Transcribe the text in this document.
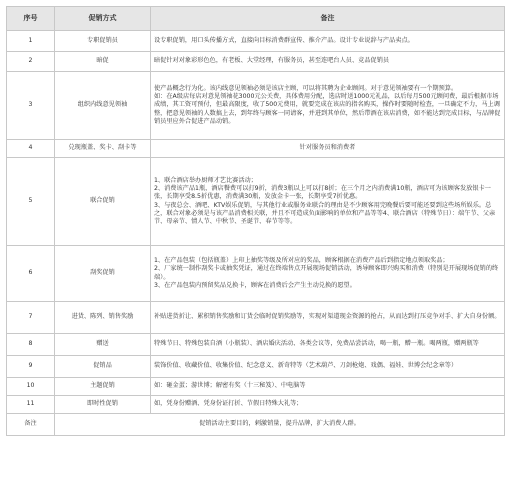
序号	促销方式	备注
1	专职促销员	设专职促销，用口头传播方式，直接向目标消费群宣传、推介产品。设计专业说辞与产品卖点。

2	暗促	暗促针对对象彩形色色，有老板、大堂经理，有服务员，甚至连吧台人员、竞品促销员

3	组织内线意见领袖	使产品概念行为化。该内线意见领袖必须是该店主顾，可以将其聘为企业顾问。对于意见领袖要有一个期预算。
如：在A级店每店对意见领袖花3000元公关费，具体费用分配，选店时送1000元礼品，以后每月500元顾问费，最后根据市场成绩，其工资可预付，但最高限度，收了500元费用，就要完成在该店的指名购买，操作时要随时检查，一旦确定不力，马上调整，把意见领袖的人数搞上去，到年终与顾客一同请客，并进到其单位，然后带酒在该店消费，如不能达到完成目标，与品牌促销员里应外合促进产品动销。

4	兑现瓶盖、奖卡、刮卡等	针对服务员和消费者

5	联合促销	1、联合酒店举办厨师才艺比赛活动；
2、消费该产品1瓶，酒店餐费可以打9折，消费3瓶以上可以打8折；在三个月之内消费满10瓶，酒店可为该顾客发放银卡一张，长期享受8.5折优惠，消费满30瓶，发放金卡一张，长期享受7折优惠。
3、与夜总会、酒吧、KTV娱乐促销，与其他行业或服务业联合的理由是不少顾客用完晚餐后要可能还要到这些场所娱乐。总之，联合对象必须是与该产品消费相关联，并且不可造成负面影响的单位和产品等等4、联合酒店（特殊节日）：端午节、父亲节、母亲节、情人节、中秋节、圣诞节、春节等等。

6	刮奖促销	1、在产品包装（包括瓶盖）上印上抽奖等级及所对应的奖品，顾客根据在消费产品后到指定地点领取奖品；
2、厂家统一制作刮奖卡或抽奖凭证，通过在终端售点开展现场促销活动，诱导顾客即兴购买和消费（特别是开展现场促销的终端）。
3、在产品包装内预留奖品兑换卡，顾客在消费后会产生主动兑换的愿望。

7	进货、陈列、销售奖励	补贴进货折让、累积销售奖励和订货会临时促销奖励等，实现对渠道现金资源的抢占，从而达到打压竞争对手、扩大自身份额。

8	赠送	特殊节日、特殊包装自酒（小瓶装）、酒店婚庆活动、各类会议等，免费品尝活动，喝一瓶，赠一瓶。喝两瓶，赠两瓶等

9	促销品	装饰价值、收藏价值、收集价值、纪念意义、新奇特等（艺术葫芦、刀剑枪炮、戏偶、福娃、世博会纪念章等）

10	主题促销	如：砸金蛋；游世博；解密有奖（十三秘笈）、中电脑等

11	即时性促销	如，凭身份赠酒、凭身份证打折、节假日特殊大礼等；

备注	促销活动主要目的，刺激销量，提升品牌，扩大消费人群。	
